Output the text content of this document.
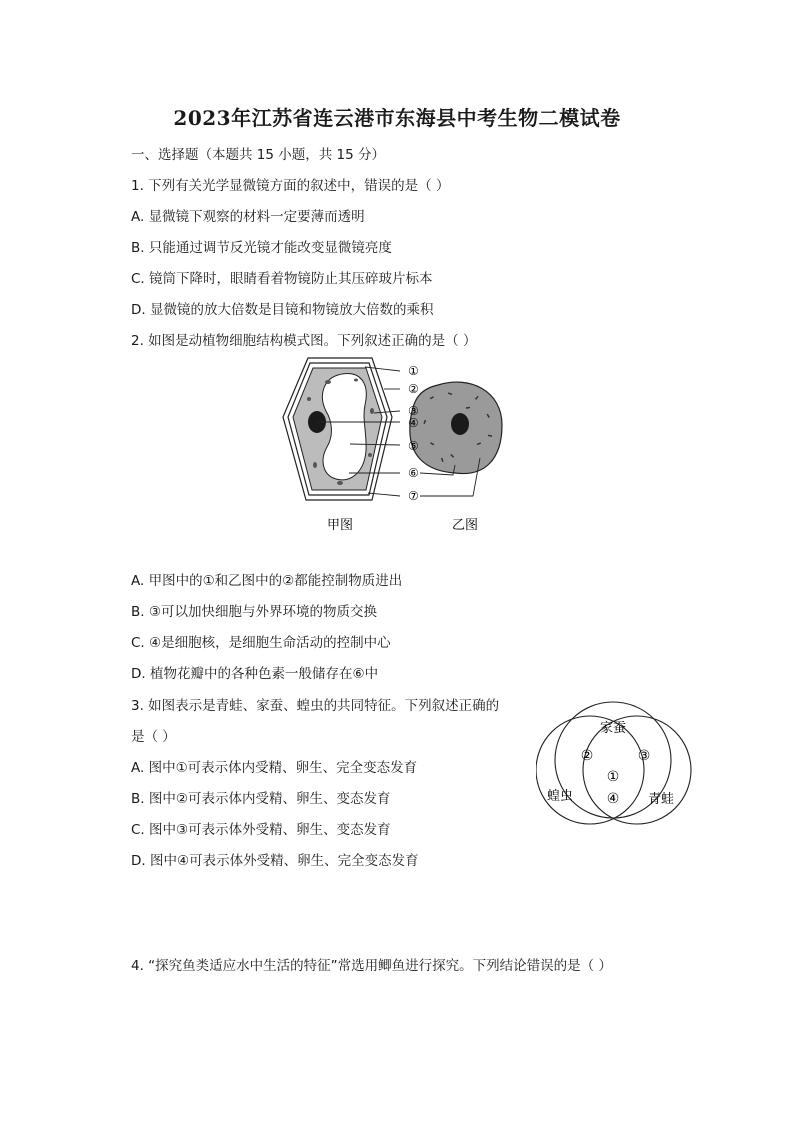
2023年江苏省连云港市东海县中考生物二模试卷
一、选择题（本题共 15 小题，共 15 分）
1. 下列有关光学显微镜方面的叙述中，错误的是（ ）
A. 显微镜下观察的材料一定要薄而透明
B. 只能通过调节反光镜才能改变显微镜亮度
C. 镜筒下降时，眼睛看着物镜防止其压碎玻片标本
D. 显微镜的放大倍数是目镜和物镜放大倍数的乘积
2. 如图是动植物细胞结构模式图。下列叙述正确的是（ ）
①
②
③
④
⑤
⑥
⑦
甲图	乙图
A. 甲图中的①和乙图中的②都能控制物质进出
B. ③可以加快细胞与外界环境的物质交换
C. ④是细胞核，是细胞生命活动的控制中心
D. 植物花瓣中的各种色素一般储存在⑥中
3. 如图表示是青蛙、家蚕、蝗虫的共同特征。下列叙述正确的
是（ ）
家蚕
蝗虫	青蛙
①
②	③
④
A. 图中①可表示体内受精、卵生、完全变态发育
B. 图中②可表示体内受精、卵生、变态发育
C. 图中③可表示体外受精、卵生、变态发育
D. 图中④可表示体外受精、卵生、完全变态发育
4. “探究鱼类适应水中生活的特征”常选用鲫鱼进行探究。下列结论错误的是（ ）
